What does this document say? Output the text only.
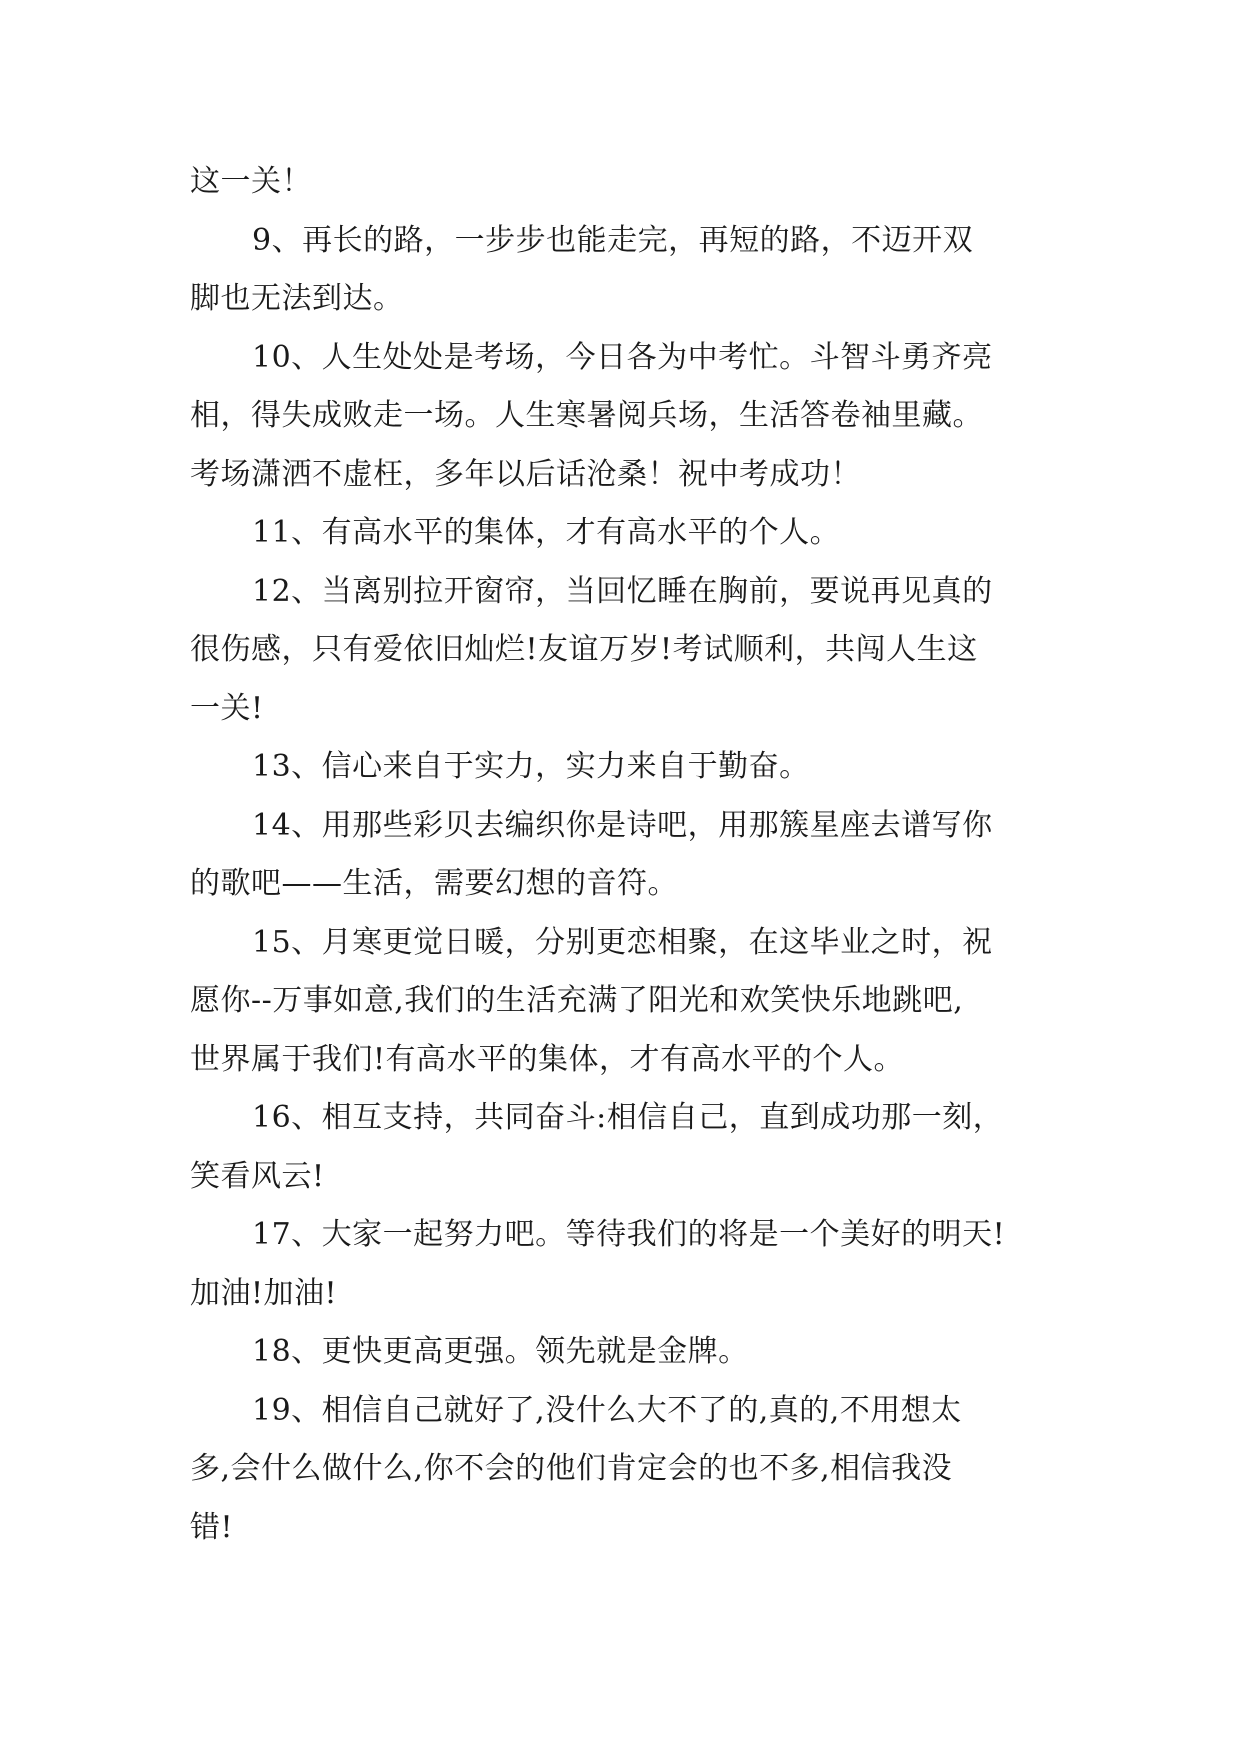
这一关！
9、再长的路，一步步也能走完，再短的路，不迈开双
脚也无法到达。
10、人生处处是考场，今日各为中考忙。斗智斗勇齐亮
相，得失成败走一场。人生寒暑阅兵场，生活答卷袖里藏。
考场潇洒不虚枉，多年以后话沧桑！祝中考成功！
11、有高水平的集体，才有高水平的个人。
12、当离别拉开窗帘，当回忆睡在胸前，要说再见真的
很伤感，只有爱依旧灿烂!友谊万岁!考试顺利，共闯人生这
一关!
13、信心来自于实力，实力来自于勤奋。
14、用那些彩贝去编织你是诗吧，用那簇星座去谱写你
的歌吧——生活，需要幻想的音符。
15、月寒更觉日暖，分别更恋相聚，在这毕业之时，祝
愿你--万事如意,我们的生活充满了阳光和欢笑快乐地跳吧,
世界属于我们!有高水平的集体，才有高水平的个人。
16、相互支持，共同奋斗:相信自己，直到成功那一刻，
笑看风云!
17、大家一起努力吧。等待我们的将是一个美好的明天!
加油!加油!
18、更快更高更强。领先就是金牌。
19、相信自己就好了,没什么大不了的,真的,不用想太
多,会什么做什么,你不会的他们肯定会的也不多,相信我没
错!
